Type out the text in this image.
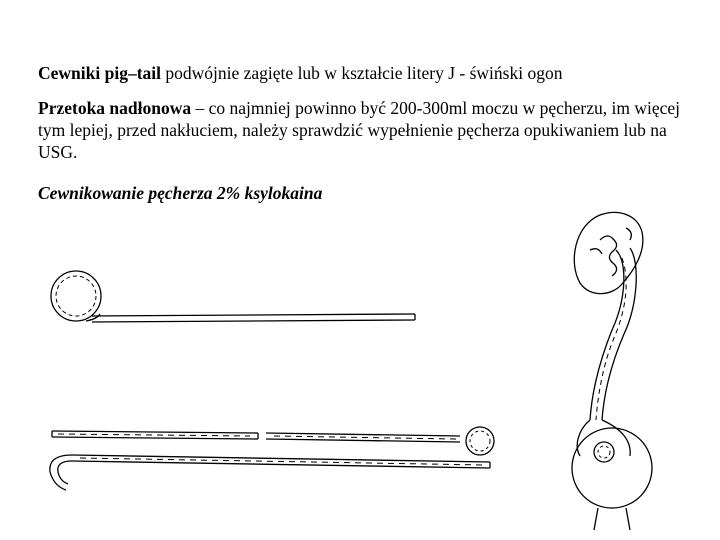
Cewniki pig–tail podwójnie zagięte lub w kształcie litery J - świński ogon

Przetoka nadłonowa – co najmniej powinno być 200-300ml moczu w pęcherzu, im więcej tym lepiej, przed nakłuciem, należy sprawdzić wypełnienie pęcherza opukiwaniem lub na USG.

Cewnikowanie pęcherza 2% ksylokaina
